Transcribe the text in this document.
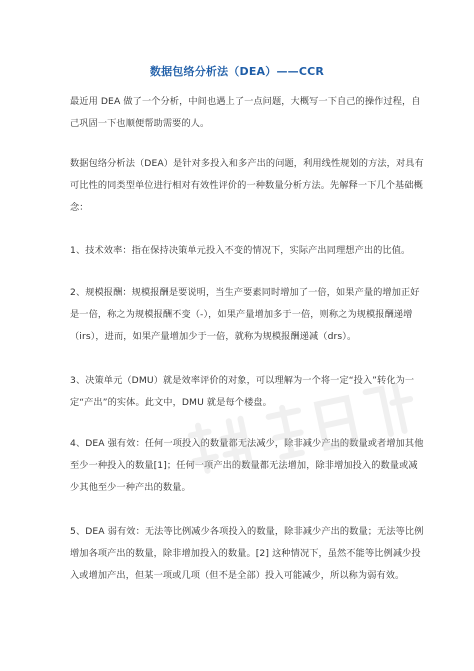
数据包络分析法（DEA）——CCR
最近用 DEA 做了一个分析，中间也遇上了一点问题，大概写一下自己的操作过程，自
己巩固一下也顺便帮助需要的人。
数据包络分析法（DEA）是针对多投入和多产出的问题，利用线性规划的方法，对具有
可比性的同类型单位进行相对有效性评价的一种数量分析方法。先解释一下几个基础概
念：
1、技术效率：指在保持决策单元投入不变的情况下，实际产出同理想产出的比值。
2、规模报酬：规模报酬是要说明，当生产要素同时增加了一倍，如果产量的增加正好
是一倍，称之为规模报酬不变（-），如果产量增加多于一倍，则称之为规模报酬递增
（irs），进而，如果产量增加少于一倍，就称为规模报酬递减（drs）。
3、决策单元（DMU）就是效率评价的对象，可以理解为一个将一定“投入”转化为一
定“产出”的实体。此文中，DMU 就是每个楼盘。
4、DEA 强有效：任何一项投入的数量都无法减少，除非减少产出的数量或者增加其他
至少一种投入的数量[1]；任何一项产出的数量都无法增加，除非增加投入的数量或减
少其他至少一种产出的数量。
5、DEA 弱有效：无法等比例减少各项投入的数量，除非减少产出的数量；无法等比例
增加各项产出的数量，除非增加投入的数量。[2] 这种情况下，虽然不能等比例减少投
入或增加产出，但某一项或几项（但不是全部）投入可能减少，所以称为弱有效。
